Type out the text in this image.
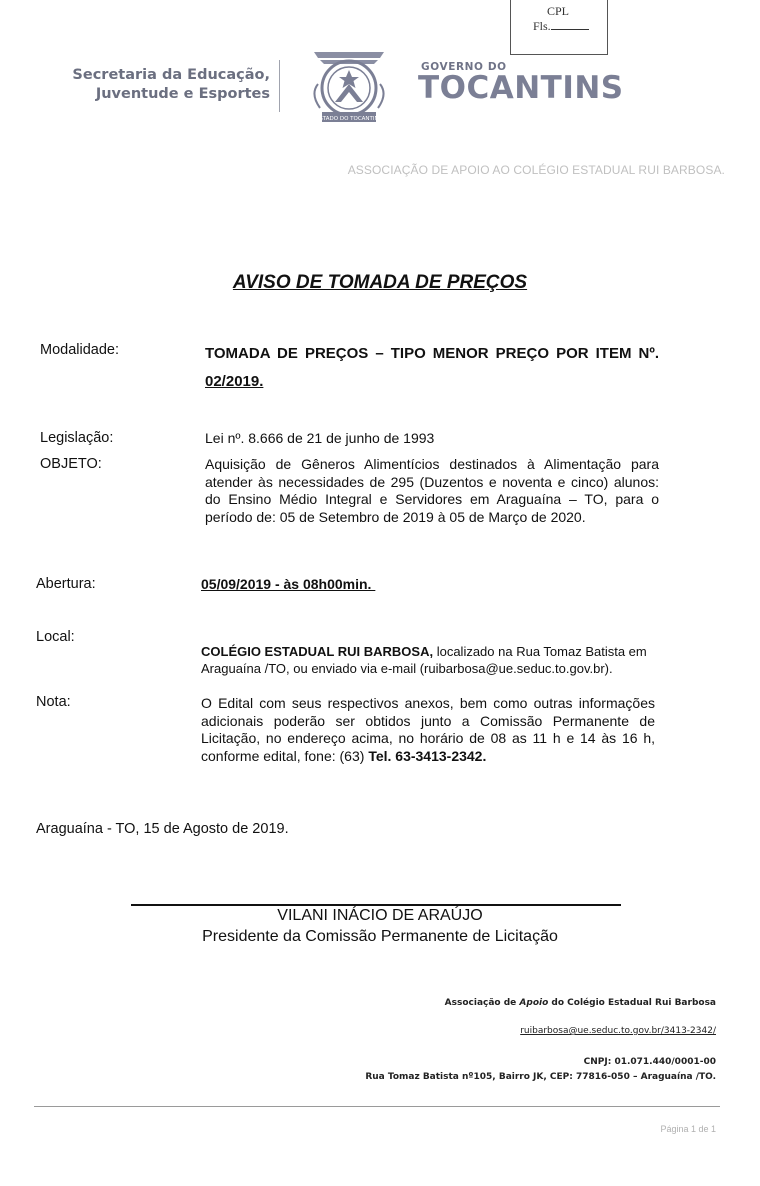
CPL
Fls.
Secretaria da Educação,
Juventude e Esportes
ESTADO DO TOCANTINS
GOVERNO DO
TOCANTINS
ASSOCIAÇÃO DE APOIO AO COLÉGIO ESTADUAL RUI BARBOSA.
AVISO DE TOMADA DE PREÇOS
Modalidade:	TOMADA DE PREÇOS – TIPO MENOR PREÇO POR ITEM Nº. 02/2019.
Legislação:	Lei nº. 8.666 de 21 de junho de 1993
OBJETO:	Aquisição de Gêneros Alimentícios destinados à Alimentação para atender às necessidades de 295 (Duzentos e noventa e cinco) alunos: do Ensino Médio Integral e Servidores em Araguaína – TO, para o período de: 05 de Setembro de 2019 à 05 de Março de 2020.
Abertura:	05/09/2019 - às 08h00min.
Local:
COLÉGIO ESTADUAL RUI BARBOSA, localizado na Rua Tomaz Batista em Araguaína /TO, ou enviado via e-mail (ruibarbosa@ue.seduc.to.gov.br).
Nota:	O Edital com seus respectivos anexos, bem como outras informações adicionais poderão ser obtidos junto a Comissão Permanente de Licitação, no endereço acima, no horário de 08 as 11 h e 14 às 16 h, conforme edital, fone: (63) Tel. 63-3413-2342.
Araguaína - TO, 15 de Agosto de 2019.
VILANI INÁCIO DE ARAÚJO
Presidente da Comissão Permanente de Licitação
Associação de Apoio do Colégio Estadual Rui Barbosa
ruibarbosa@ue.seduc.to.gov.br/3413-2342/
CNPJ: 01.071.440/0001-00
Rua Tomaz Batista nº105, Bairro JK, CEP: 77816-050 – Araguaína /TO.
Página 1 de 1
